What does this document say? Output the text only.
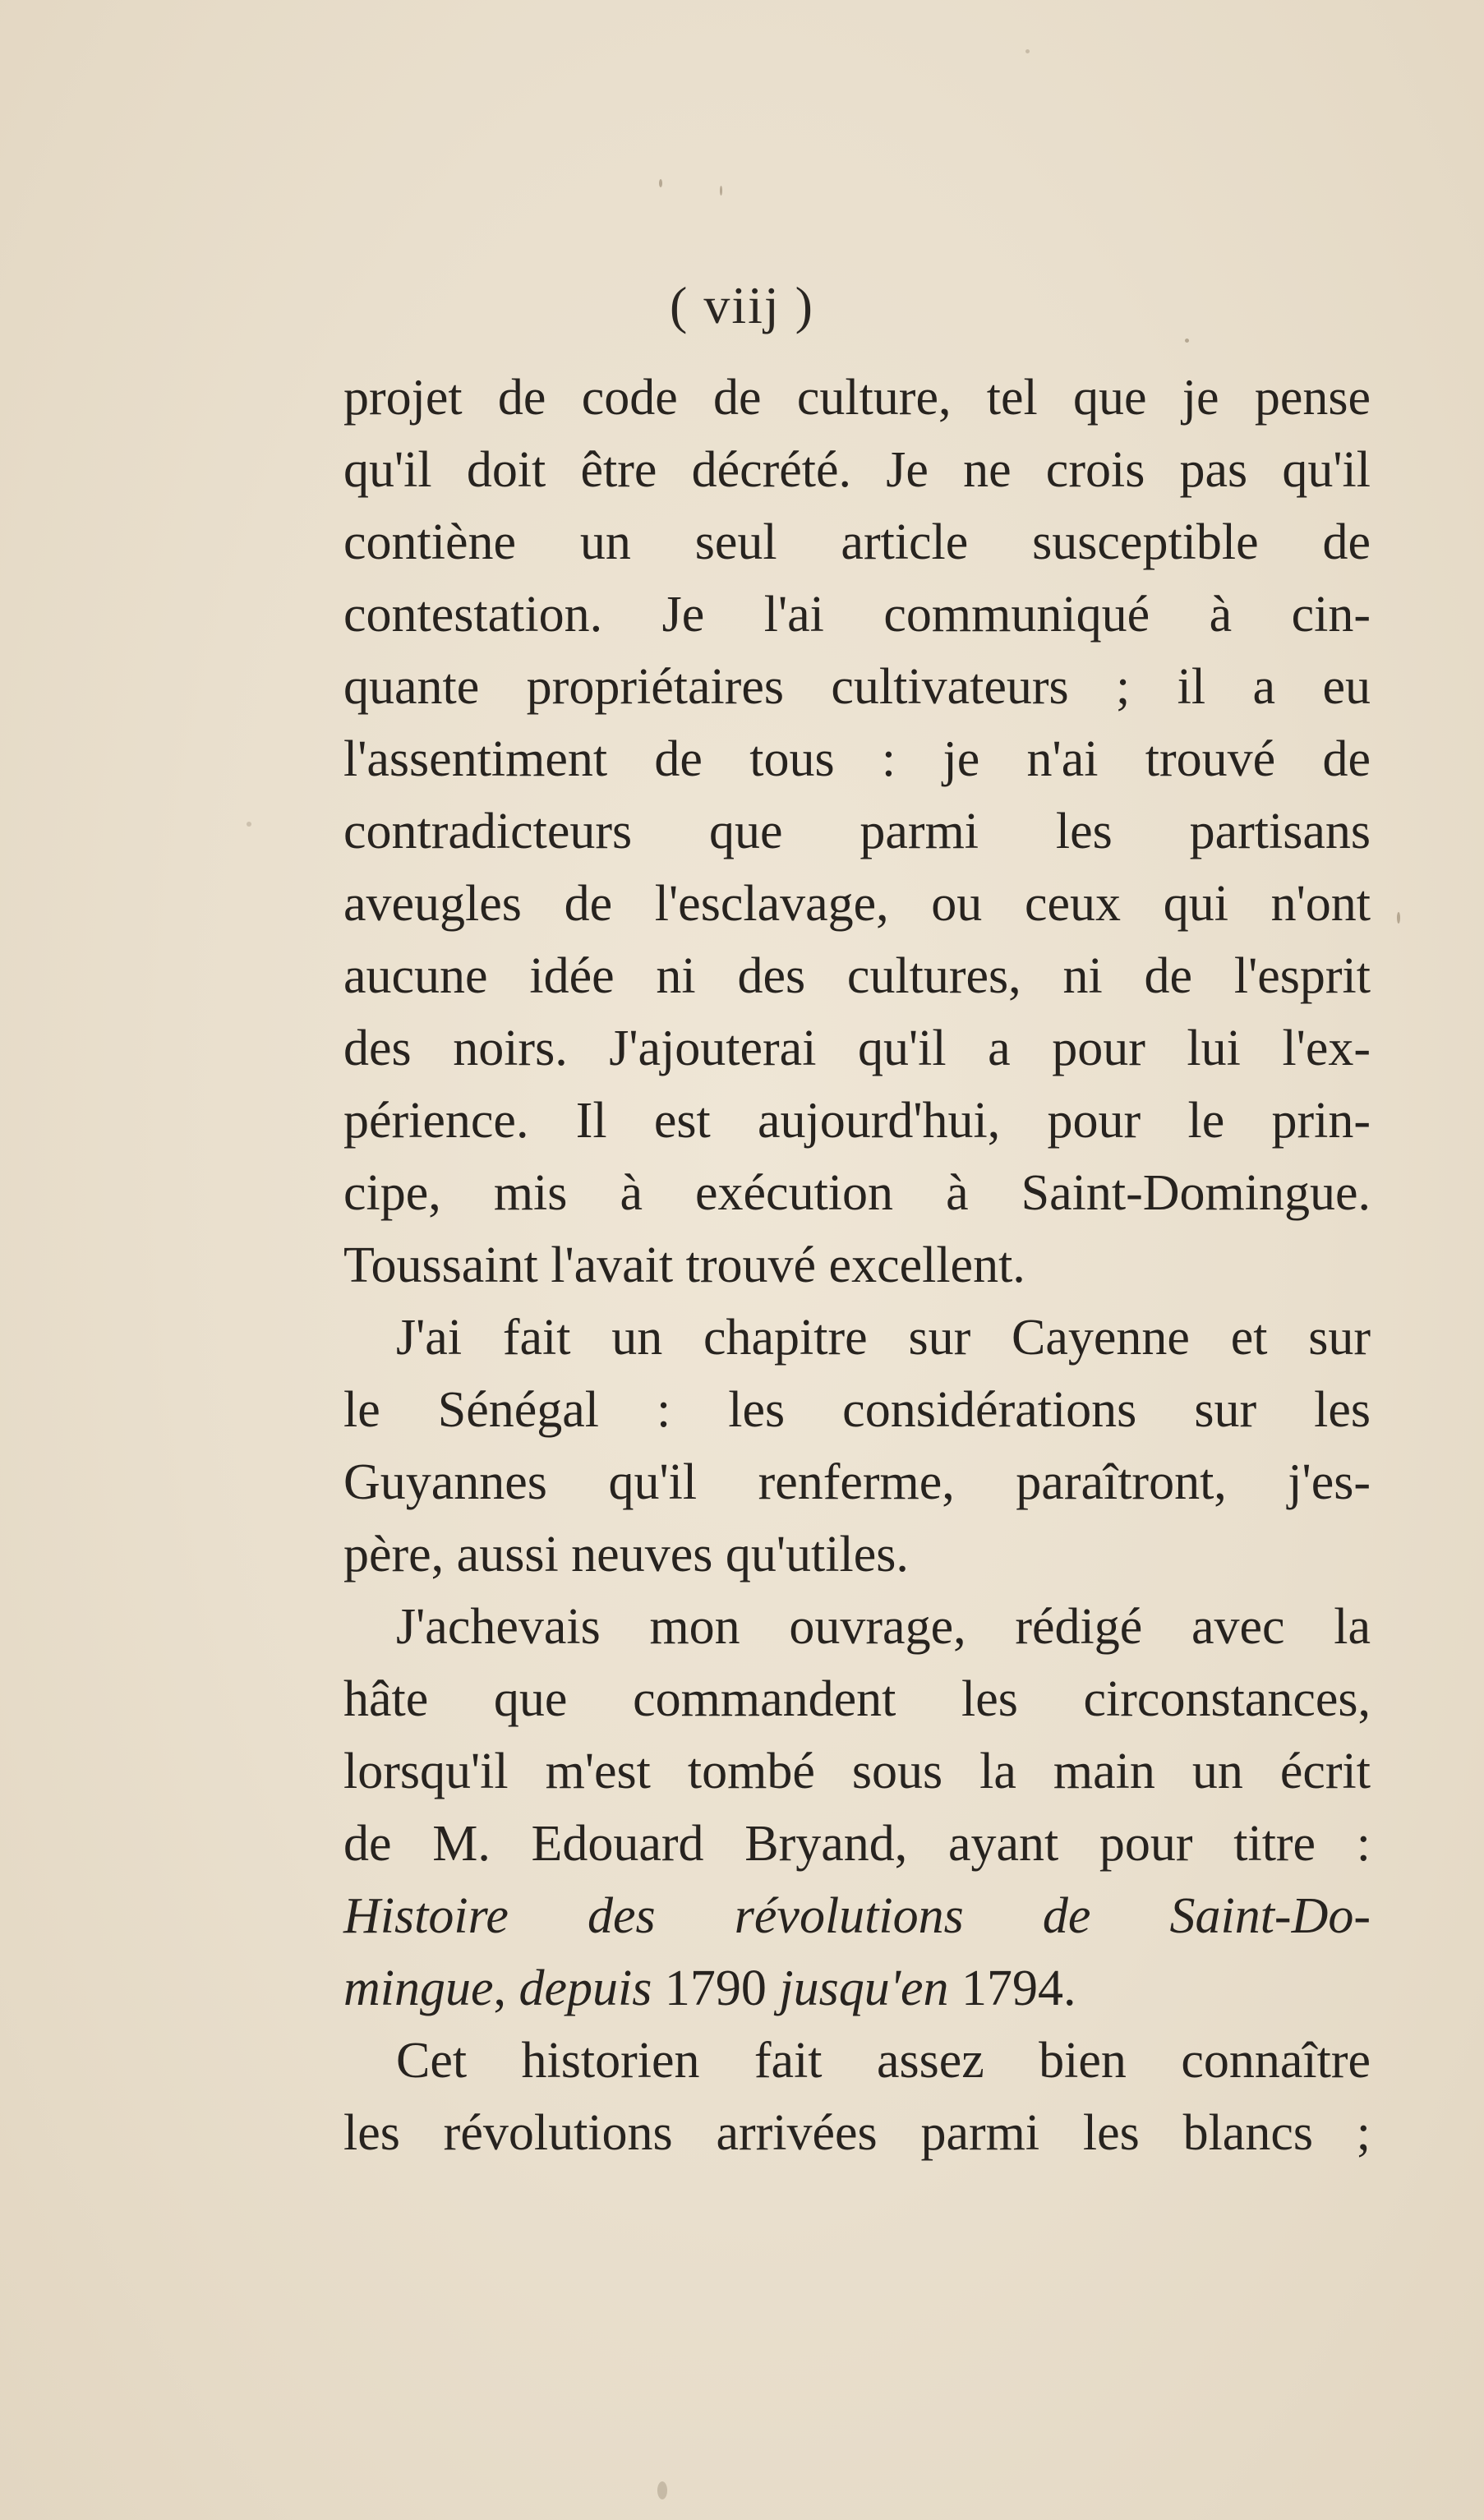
( viij )
projet de code de culture, tel que je pense
qu'il doit être décrété. Je ne crois pas qu'il
contiène un seul article susceptible de
contestation. Je l'ai communiqué à cin-
quante propriétaires cultivateurs ; il a eu
l'assentiment de tous : je n'ai trouvé de
contradicteurs que parmi les partisans
aveugles de l'esclavage, ou ceux qui n'ont
aucune idée ni des cultures, ni de l'esprit
des noirs. J'ajouterai qu'il a pour lui l'ex-
périence. Il est aujourd'hui, pour le prin-
cipe, mis à exécution à Saint-Domingue.
Toussaint l'avait trouvé excellent.
J'ai fait un chapitre sur Cayenne et sur
le Sénégal : les considérations sur les
Guyannes qu'il renferme, paraîtront, j'es-
père, aussi neuves qu'utiles.
J'achevais mon ouvrage, rédigé avec la
hâte que commandent les circonstances,
lorsqu'il m'est tombé sous la main un écrit
de M. Edouard Bryand, ayant pour titre :
Histoire des révolutions de Saint-Do-
mingue, depuis 1790 jusqu'en 1794.
Cet historien fait assez bien connaître
les révolutions arrivées parmi les blancs ;
